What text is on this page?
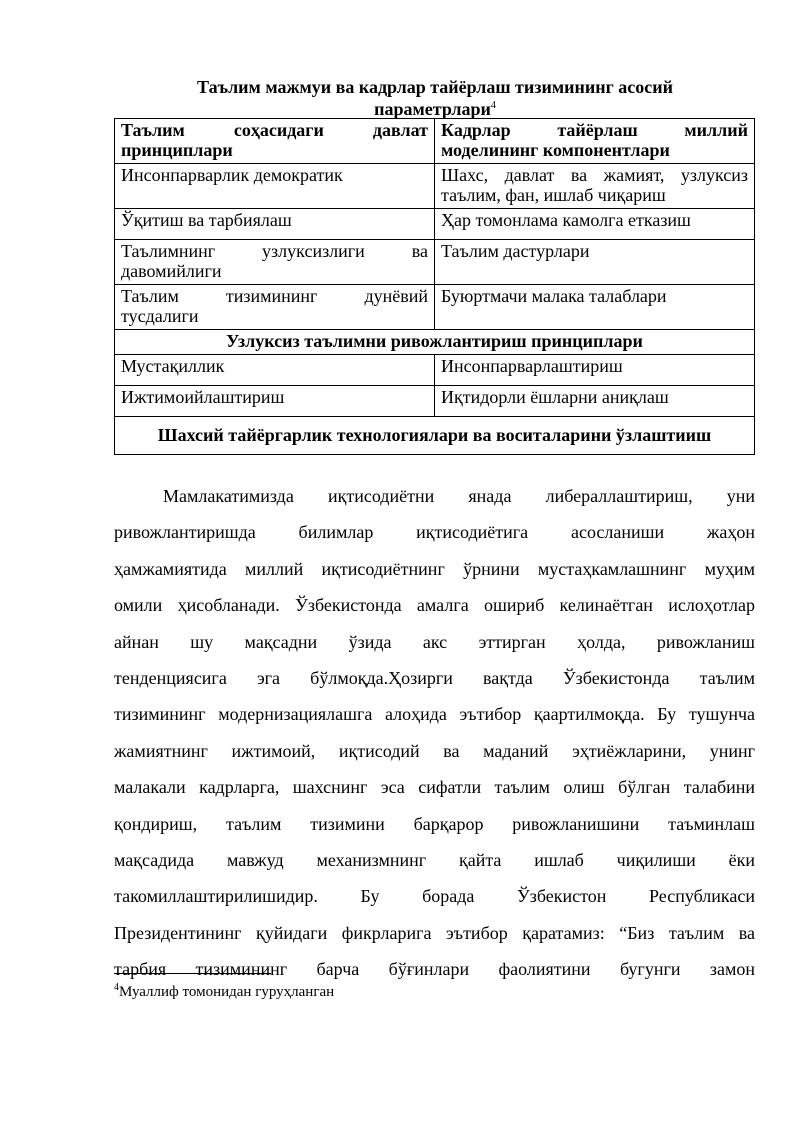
Таълим мажмуи ва кадрлар тайёрлаш тизимининг асосий
параметрлари$^4$
Таълим соҳасидаги давлат
принциплари	Кадрлар тайёрлаш миллий
моделининг компонентлари

Инсонпарварлик демократик	Шахс, давлат ва жамият, узлуксиз
таълим, фан, ишлаб чиқариш

Ўқитиш ва тарбиялаш	Ҳар томонлама камолга етказиш
Таълимнинг узлуксизлиги ва
давомийлиги	Таълим дастурлари
Таълим тизимининг дунёвий
тусдалиги	Буюртмачи малака талаблари
Узлуксиз таълимни ривожлантириш принциплари	
Мустақиллик	Инсонпарварлаштириш
Ижтимоийлаштириш	Иқтидорли ёшларни аниқлаш
Шахсий тайёргарлик технологиялари ва воситаларини ўзлаштииш	
Мамлакатимизда иқтисодиётни янада либераллаштириш, уни
ривожлантиришда билимлар иқтисодиётига асосланиши жаҳон
ҳамжамиятида миллий иқтисодиётнинг ўрнини мустаҳкамлашнинг муҳим
омили ҳисобланади. Ўзбекистонда амалга ошириб келинаётган ислоҳотлар
айнан шу мақсадни ўзида акс эттирган ҳолда, ривожланиш
тенденциясига эга бўлмоқда.Ҳозирги вақтда Ўзбекистонда таълим
тизимининг модернизациялашга алоҳида эътибор қаартилмоқда. Бу тушунча
жамиятнинг ижтимоий, иқтисодий ва маданий эҳтиёжларини, унинг
малакали кадрларга, шахснинг эса сифатли таълим олиш бўлган талабини
қондириш, таълим тизимини барқарор ривожланишини таъминлаш
мақсадида мавжуд механизмнинг қайта ишлаб чиқилиши ёки
такомиллаштирилишидир. Бу борада Ўзбекистон Республикаси
Президентининг қуйидаги фикрларига эътибор қаратамиз: “Биз таълим ва
тарбия тизимининг барча бўғинлари фаолиятини бугунги замон
$^4$Муаллиф томонидан гуруҳланган
